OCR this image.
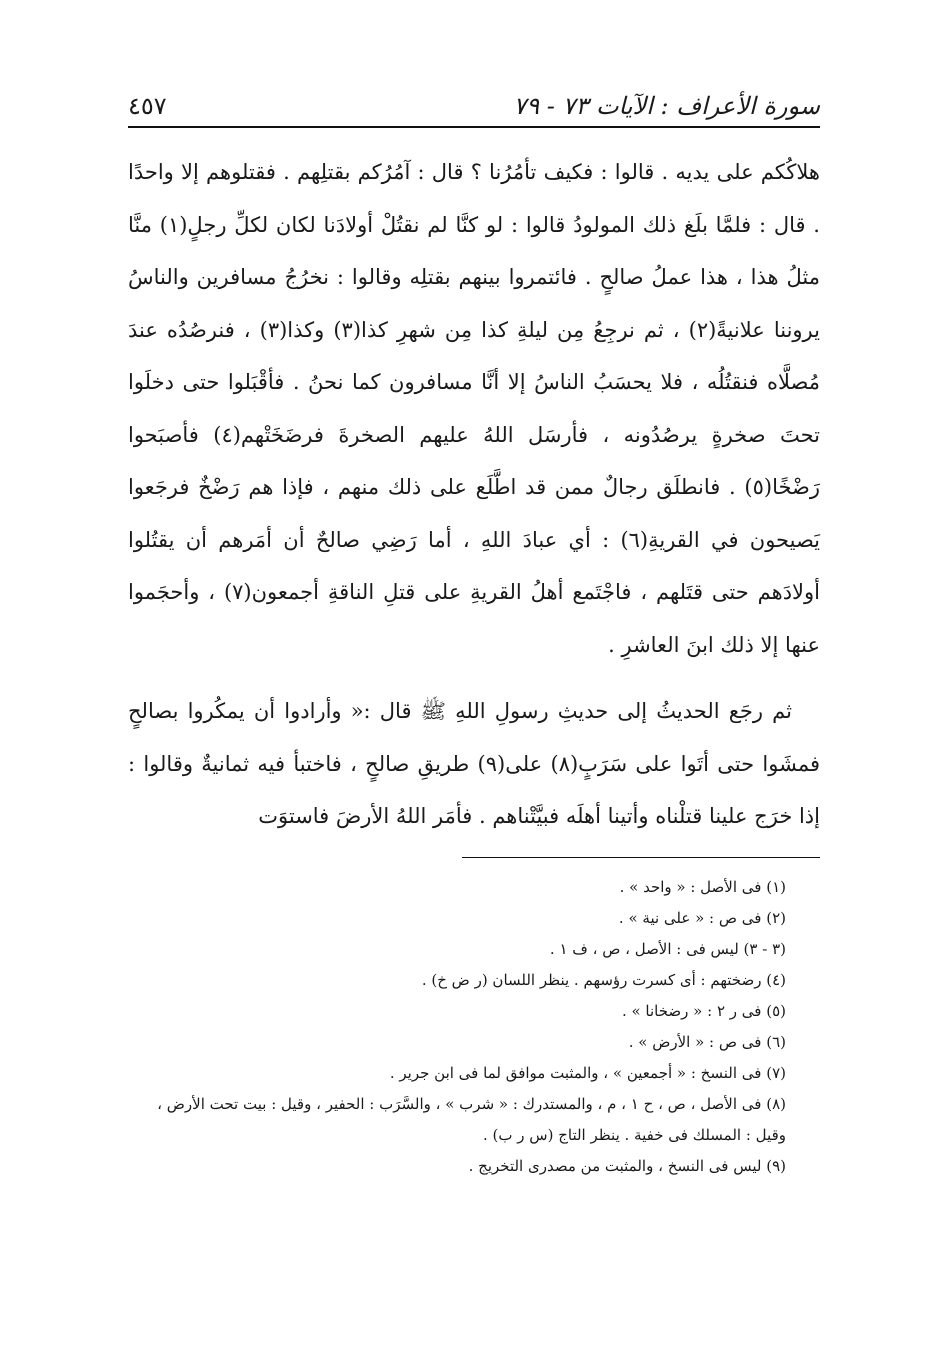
سورة الأعراف : الآيات ٧٣ - ٧٩
٤٥٧

هلاكُكم على يديه . قالوا : فكيف تأمُرُنا ؟ قال : آمُرُكم بقتلِهم . فقتلوهم إلا واحدًا . قال : فلمَّا بلَغ ذلك المولودُ قالوا : لو كنَّا لم نقتُلْ أولادَنا لكان لكلِّ رجلٍ(١) منَّا مثلُ هذا ، هذا عملُ صالحٍ . فائتمروا بينهم بقتلِه وقالوا : نخرُجُ مسافرين والناسُ يروننا علانيةً(٢) ، ثم نرجِعُ مِن ليلةِ كذا مِن شهرِ كذا(٣) وكذا(٣) ، فنرصُدُه عندَ مُصلَّاه فنقتُلُه ، فلا يحسَبُ الناسُ إلا أنَّا مسافرون كما نحنُ . فأقْبَلوا حتى دخلَوا تحتَ صخرةٍ يرصُدُونه ، فأرسَل اللهُ عليهم الصخرةَ فرضَخَتْهم(٤) فأصبَحوا رَضْخًا(٥) . فانطلَق رجالٌ ممن قد اطَّلَع على ذلك منهم ، فإذا هم رَضْخٌ فرجَعوا يَصيحون في القريةِ(٦) : أي عبادَ اللهِ ، أما رَضِي صالحٌ أن أمَرهم أن يقتُلوا أولادَهم حتى قتَلهم ، فاجْتَمع أهلُ القريةِ على قتلِ الناقةِ أجمعون(٧) ، وأحجَموا عنها إلا ذلك ابنَ العاشرِ .

ثم رجَع الحديثُ إلى حديثِ رسولِ اللهِ ﷺ قال :« وأرادوا أن يمكُروا بصالحٍ فمشَوا حتى أتَوا على سَرَبٍ(٨) على(٩) طريقِ صالحٍ ، فاختبأ فيه ثمانيةٌ وقالوا : إذا خرَج علينا قتلْناه وأتينا أهلَه فبيَّتْناهم . فأمَر اللهُ الأرضَ فاستوَت

(١) فى الأصل : « واحد » .

(٢) فى ص : « على نية » .

(٣ - ٣) ليس فى : الأصل ، ص ، ف ١ .

(٤) رضختهم : أى كسرت رؤسهم . ينظر اللسان (ر ض خ) .

(٥) فى ر ٢ : « رضخانا » .

(٦) فى ص : « الأرض » .

(٧) فى النسخ : « أجمعين » ، والمثبت موافق لما فى ابن جرير .

(٨) فى الأصل ، ص ، ح ١ ، م ، والمستدرك : « شرب » ، والسَّرَب : الحفير ، وقيل : بيت تحت الأرض ،

وقيل : المسلك فى خفية . ينظر التاج (س ر ب) .

(٩) ليس فى النسخ ، والمثبت من مصدرى التخريج .
